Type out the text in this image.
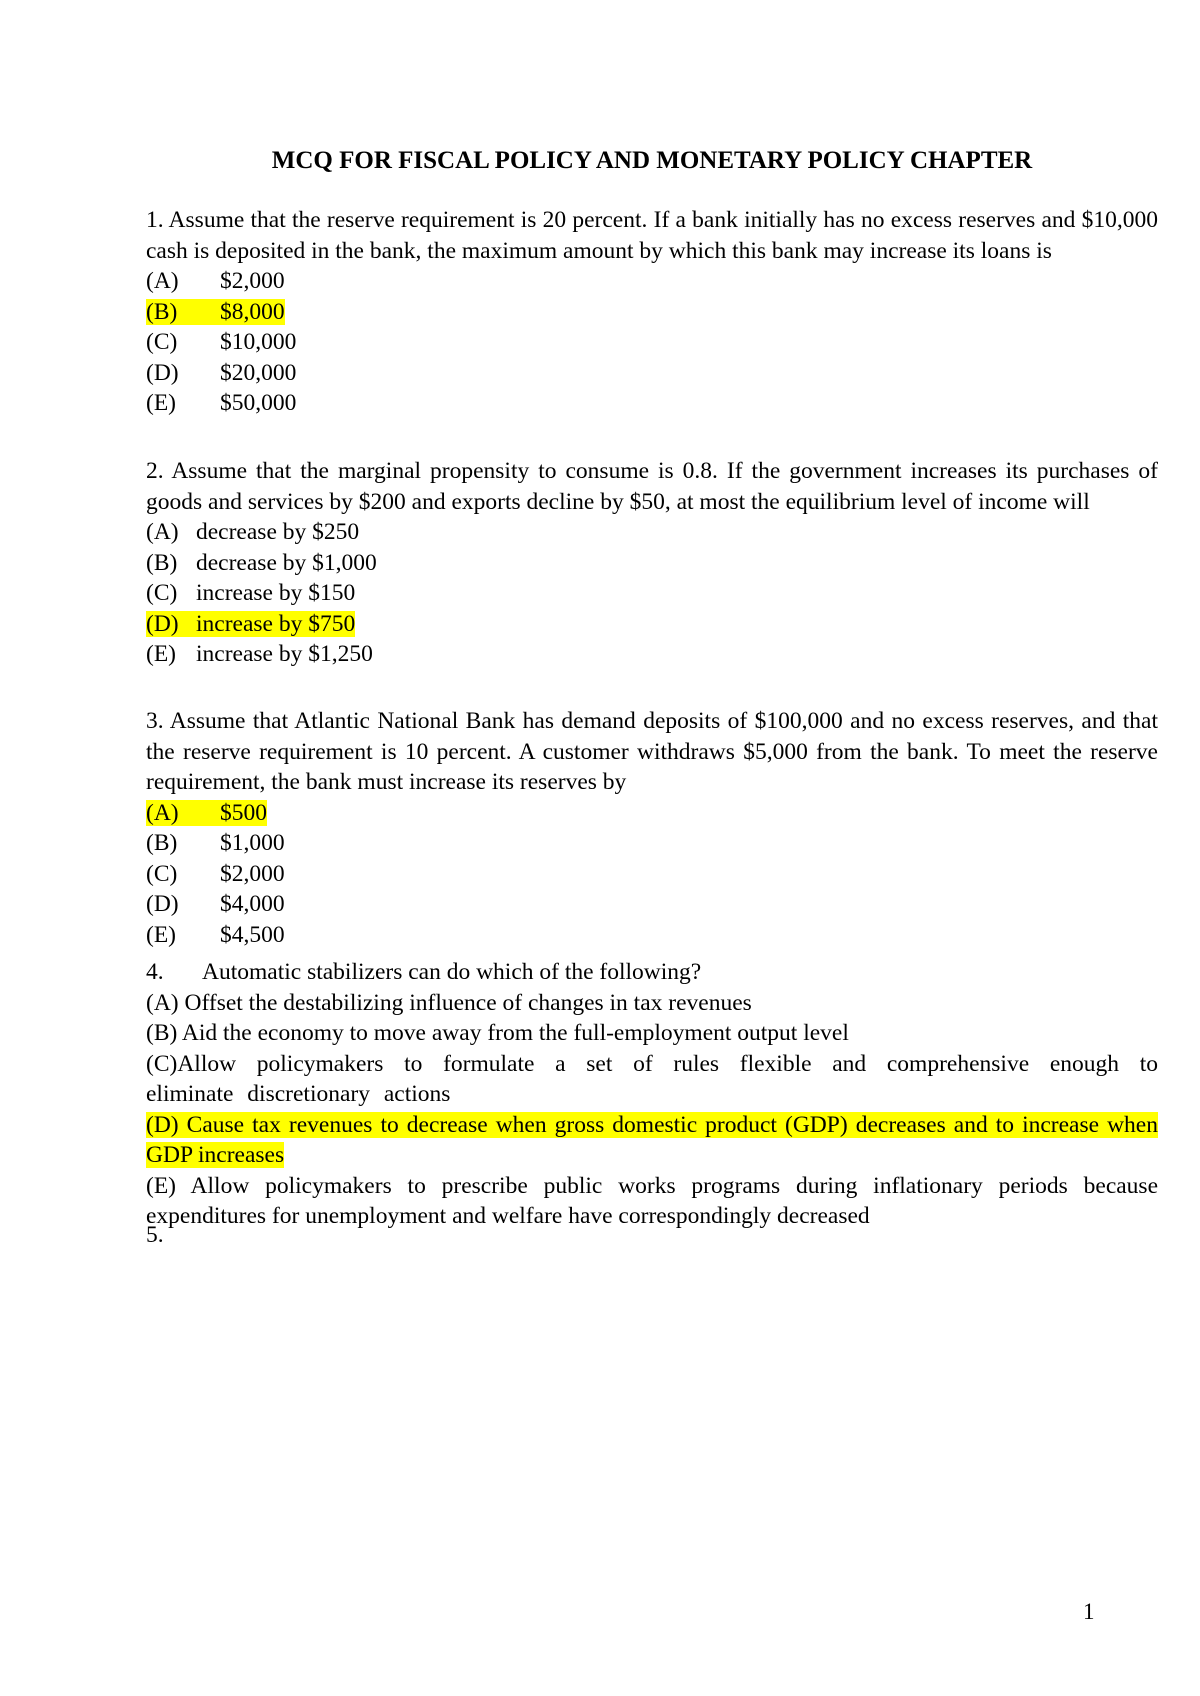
MCQ FOR FISCAL POLICY AND MONETARY POLICY CHAPTER
1. Assume that the reserve requirement is 20 percent. If a bank initially has no excess reserves and $10,000 cash is deposited in the bank, the maximum amount by which this bank may increase its loans is
(A) $2,000
(B) $8,000
(C) $10,000
(D) $20,000
(E) $50,000
2. Assume that the marginal propensity to consume is 0.8. If the government increases its purchases of goods and services by $200 and exports decline by $50, at most the equilibrium level of income will
(A) decrease by $250
(B) decrease by $1,000
(C) increase by $150
(D) increase by $750
(E) increase by $1,250
3. Assume that Atlantic National Bank has demand deposits of $100,000 and no excess reserves, and that the reserve requirement is 10 percent. A customer withdraws $5,000 from the bank. To meet the reserve requirement, the bank must increase its reserves by
(A) $500
(B) $1,000
(C) $2,000
(D) $4,000
(E) $4,500
4. Automatic stabilizers can do which of the following?
(A) Offset the destabilizing influence of changes in tax revenues
(B) Aid the economy to move away from the full-employment output level
(C)Allow policymakers to formulate a set of rules flexible and comprehensive enough to eliminate discretionary actions
(D) Cause tax revenues to decrease when gross domestic product (GDP) decreases and to increase when GDP increases
(E) Allow policymakers to prescribe public works programs during inflationary periods because expenditures for unemployment and welfare have correspondingly decreased
5.
1
